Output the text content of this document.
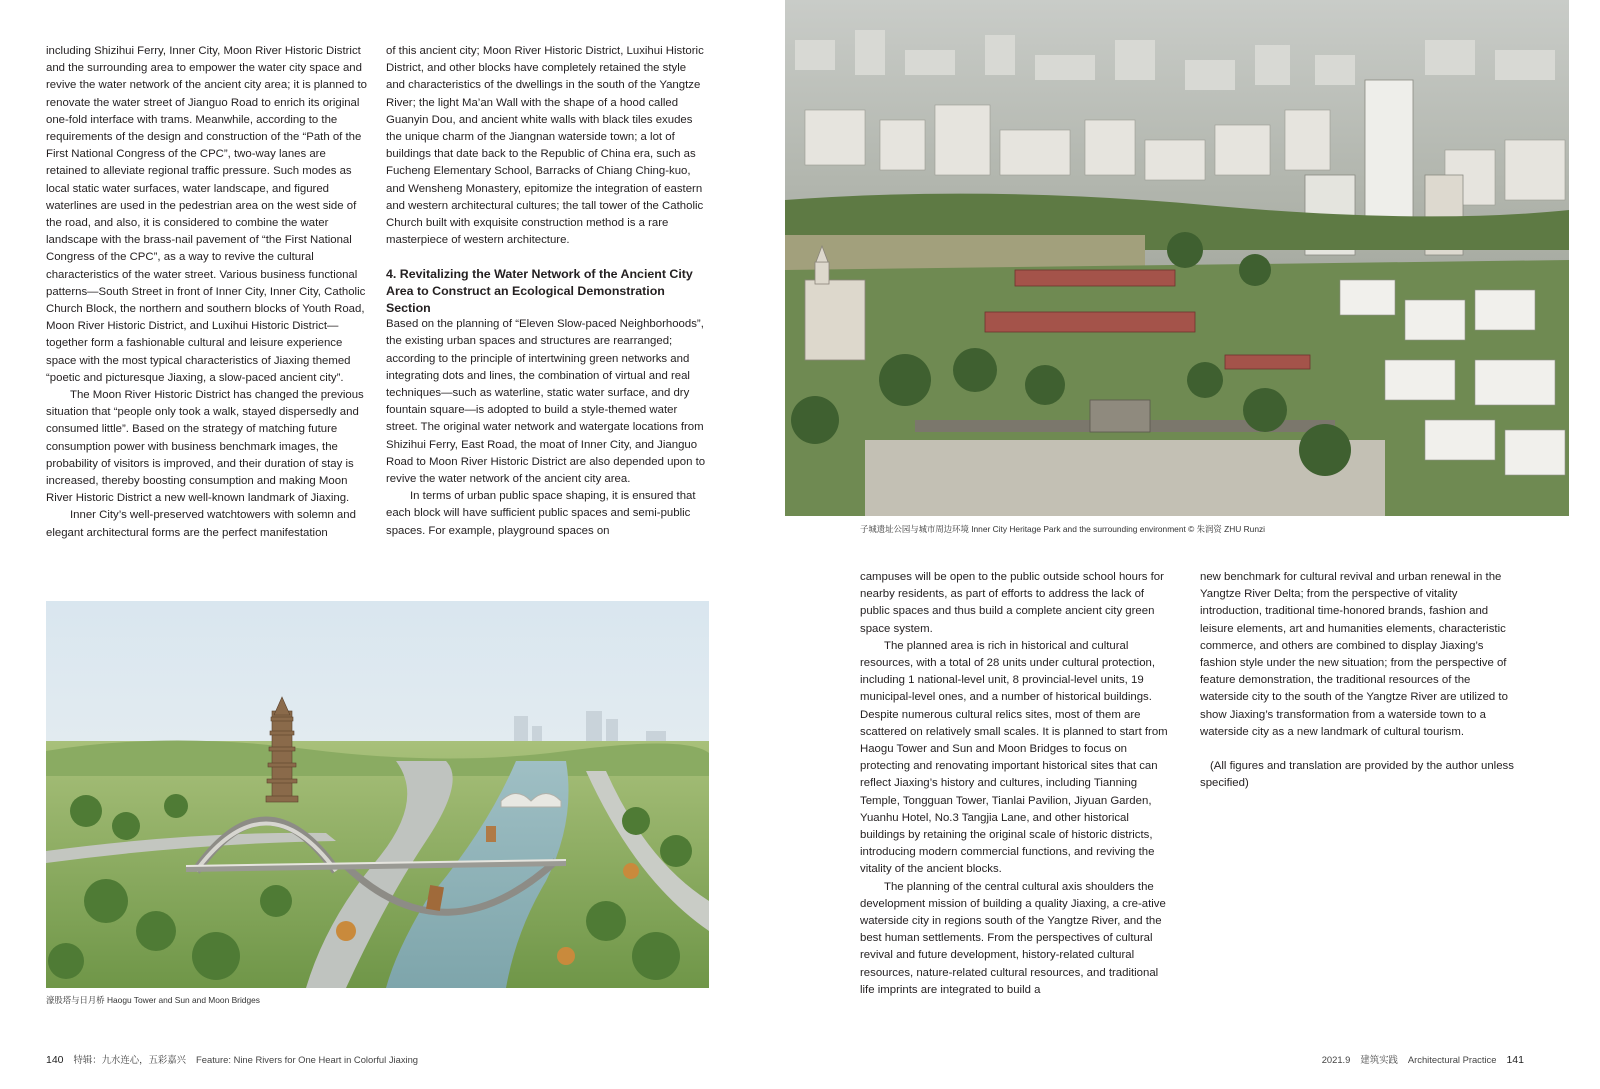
including Shizihui Ferry, Inner City, Moon River Historic District and the surrounding area to empower the water city space and revive the water network of the ancient city area; it is planned to renovate the water street of Jianguo Road to enrich its original one-fold interface with trams. Meanwhile, according to the requirements of the design and construction of the “Path of the First National Congress of the CPC”, two-way lanes are retained to alleviate regional traffic pressure. Such modes as local static water surfaces, water landscape, and figured waterlines are used in the pedestrian area on the west side of the road, and also, it is considered to combine the water landscape with the brass-nail pavement of “the First National Congress of the CPC”, as a way to revive the cultural characteristics of the water street. Various business functional patterns—South Street in front of Inner City, Inner City, Catholic Church Block, the northern and southern blocks of Youth Road, Moon River Historic District, and Luxihui Historic District—together form a fashionable cultural and leisure experience space with the most typical characteristics of Jiaxing themed “poetic and picturesque Jiaxing, a slow-paced ancient city”.

The Moon River Historic District has changed the previous situation that “people only took a walk, stayed dispersedly and consumed little”. Based on the strategy of matching future consumption power with business benchmark images, the probability of visitors is improved, and their duration of stay is increased, thereby boosting consumption and making Moon River Historic District a new well-known landmark of Jiaxing.

Inner City’s well-preserved watchtowers with solemn and elegant architectural forms are the perfect manifestation

of this ancient city; Moon River Historic District, Luxihui Historic District, and other blocks have completely retained the style and characteristics of the dwellings in the south of the Yangtze River; the light Ma’an Wall with the shape of a hood called Guanyin Dou, and ancient white walls with black tiles exudes the unique charm of the Jiangnan waterside town; a lot of buildings that date back to the Republic of China era, such as Fucheng Elementary School, Barracks of Chiang Ching-kuo, and Wensheng Monastery, epitomize the integration of eastern and western architectural cultures; the tall tower of the Catholic Church built with exquisite construction method is a rare masterpiece of western architecture.

4. Revitalizing the Water Network of the Ancient City Area to Construct an Ecological Demonstration Section

Based on the planning of “Eleven Slow-paced Neighborhoods”, the existing urban spaces and structures are rearranged; according to the principle of intertwining green networks and integrating dots and lines, the combination of virtual and real techniques—such as waterline, static water surface, and dry fountain square—is adopted to build a style-themed water street. The original water network and watergate locations from Shizihui Ferry, East Road, the moat of Inner City, and Jianguo Road to Moon River Historic District are also depended upon to revive the water network of the ancient city area.

In terms of urban public space shaping, it is ensured that each block will have sufficient public spaces and semi-public spaces. For example, playground spaces on

濠股塔与日月桥 Haogu Tower and Sun and Moon Bridges
140 特辑：九水连心，五彩嘉兴 Feature: Nine Rivers for One Heart in Colorful Jiaxing
子城遗址公园与城市周边环境 Inner City Heritage Park and the surrounding environment © 朱润资 ZHU Runzi

campuses will be open to the public outside school hours for nearby residents, as part of efforts to address the lack of public spaces and thus build a complete ancient city green space system.

The planned area is rich in historical and cultural resources, with a total of 28 units under cultural protection, including 1 national-level unit, 8 provincial-level units, 19 municipal-level ones, and a number of historical buildings. Despite numerous cultural relics sites, most of them are scattered on relatively small scales. It is planned to start from Haogu Tower and Sun and Moon Bridges to focus on protecting and renovating important historical sites that can reflect Jiaxing’s history and cultures, including Tianning Temple, Tongguan Tower, Tianlai Pavilion, Jiyuan Garden, Yuanhu Hotel, No.3 Tangjia Lane, and other historical buildings by retaining the original scale of historic districts, introducing modern commercial functions, and reviving the vitality of the ancient blocks.

The planning of the central cultural axis shoulders the development mission of building a quality Jiaxing, a cre-ative waterside city in regions south of the Yangtze River, and the best human settlements. From the perspectives of cultural revival and future development, history-related cultural resources, nature-related cultural resources, and traditional life imprints are integrated to build a

new benchmark for cultural revival and urban renewal in the Yangtze River Delta; from the perspective of vitality introduction, traditional time-honored brands, fashion and leisure elements, art and humanities elements, characteristic commerce, and others are combined to display Jiaxing’s fashion style under the new situation; from the perspective of feature demonstration, the traditional resources of the waterside city to the south of the Yangtze River are utilized to show Jiaxing’s transformation from a waterside town to a waterside city as a new landmark of cultural tourism.

(All figures and translation are provided by the author unless specified)

2021.9 建筑实践 Architectural Practice 141
